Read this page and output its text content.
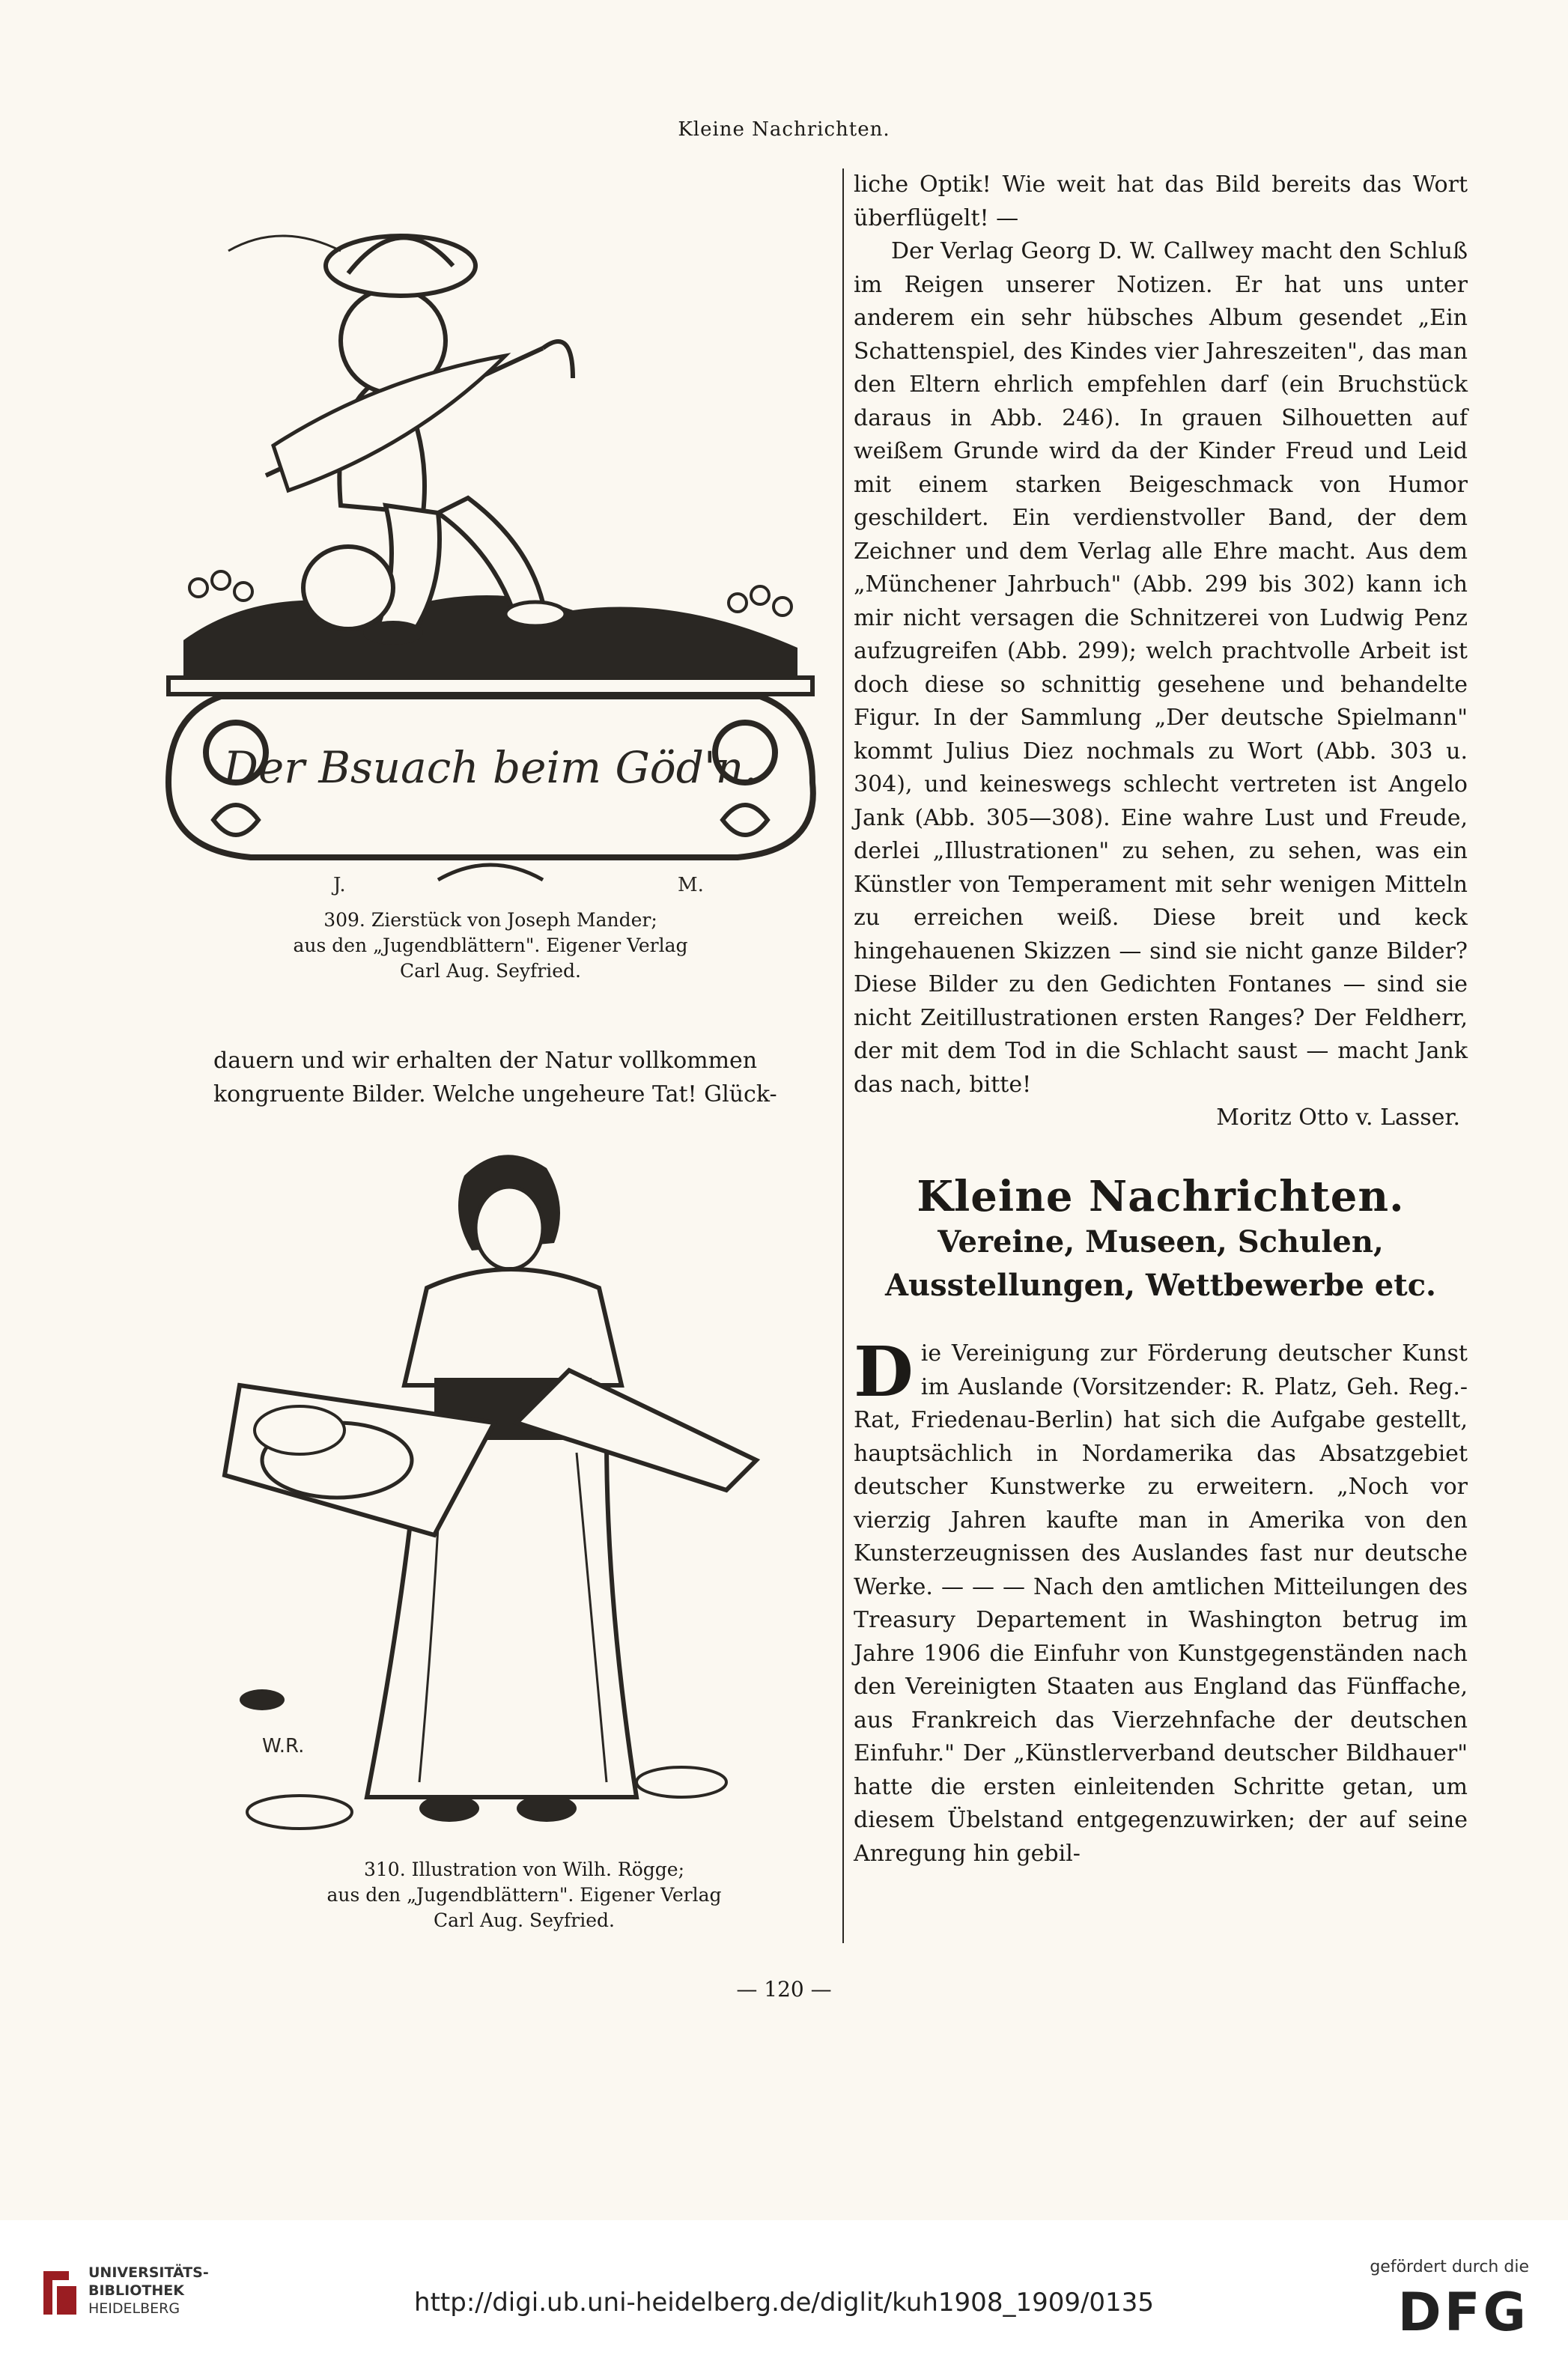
Kleine Nachrichten.
Der Bsuach beim Göd'n.
J.	M.
309. Zierstück von Joseph Mander;
aus den „Jugendblättern". Eigener Verlag
Carl Aug. Seyfried.

dauern und wir erhalten der Natur vollkommen

kongruente Bilder. Welche ungeheure Tat! Glück-

W.R.
310. Illustration von Wilh. Rögge;
aus den „Jugendblättern". Eigener Verlag
Carl Aug. Seyfried.

liche Optik! Wie weit hat das Bild bereits das Wort überflügelt! —

Der Verlag Georg D. W. Callwey macht den Schluß im Reigen unserer Notizen. Er hat uns unter anderem ein sehr hübsches Album gesendet „Ein Schattenspiel, des Kindes vier Jahreszeiten", das man den Eltern ehrlich empfehlen darf (ein Bruchstück daraus in Abb. 246). In grauen Silhouetten auf weißem Grunde wird da der Kinder Freud und Leid mit einem starken Beigeschmack von Humor geschildert. Ein verdienstvoller Band, der dem Zeichner und dem Verlag alle Ehre macht. Aus dem „Münchener Jahrbuch" (Abb. 299 bis 302) kann ich mir nicht versagen die Schnitzerei von Ludwig Penz aufzugreifen (Abb. 299); welch prachtvolle Arbeit ist doch diese so schnittig gesehene und behandelte Figur. In der Sammlung „Der deutsche Spielmann" kommt Julius Diez nochmals zu Wort (Abb. 303 u. 304), und keineswegs schlecht vertreten ist Angelo Jank (Abb. 305—308). Eine wahre Lust und Freude, derlei „Illustrationen" zu sehen, zu sehen, was ein Künstler von Temperament mit sehr wenigen Mitteln zu erreichen weiß. Diese breit und keck hingehauenen Skizzen — sind sie nicht ganze Bilder? Diese Bilder zu den Gedichten Fontanes — sind sie nicht Zeitillustrationen ersten Ranges? Der Feldherr, der mit dem Tod in die Schlacht saust — macht Jank das nach, bitte!

Moritz Otto v. Lasser.

Kleine Nachrichten.
Vereine, Museen, Schulen, Ausstellungen, Wettbewerbe etc.

D ie Vereinigung zur Förderung deutscher Kunst im Auslande (Vorsitzender: R. Platz, Geh. Reg.-Rat, Friedenau-Berlin) hat sich die Aufgabe gestellt, hauptsächlich in Nordamerika das Absatzgebiet deutscher Kunstwerke zu erweitern. „Noch vor vierzig Jahren kaufte man in Amerika von den Kunsterzeugnissen des Auslandes fast nur deutsche Werke. — — — Nach den amtlichen Mitteilungen des Treasury Departement in Washington betrug im Jahre 1906 die Einfuhr von Kunstgegenständen nach den Vereinigten Staaten aus England das Fünffache, aus Frankreich das Vierzehnfache der deutschen Einfuhr." Der „Künstlerverband deutscher Bildhauer" hatte die ersten einleitenden Schritte getan, um diesem Übelstand entgegenzuwirken; der auf seine Anregung hin gebil-

— 120 —
UNIVERSITÄTS-
BIBLIOTHEK
HEIDELBERG	http://digi.ub.uni-heidelberg.de/diglit/kuh1908_1909/0135
gefördert durch die
DFG
